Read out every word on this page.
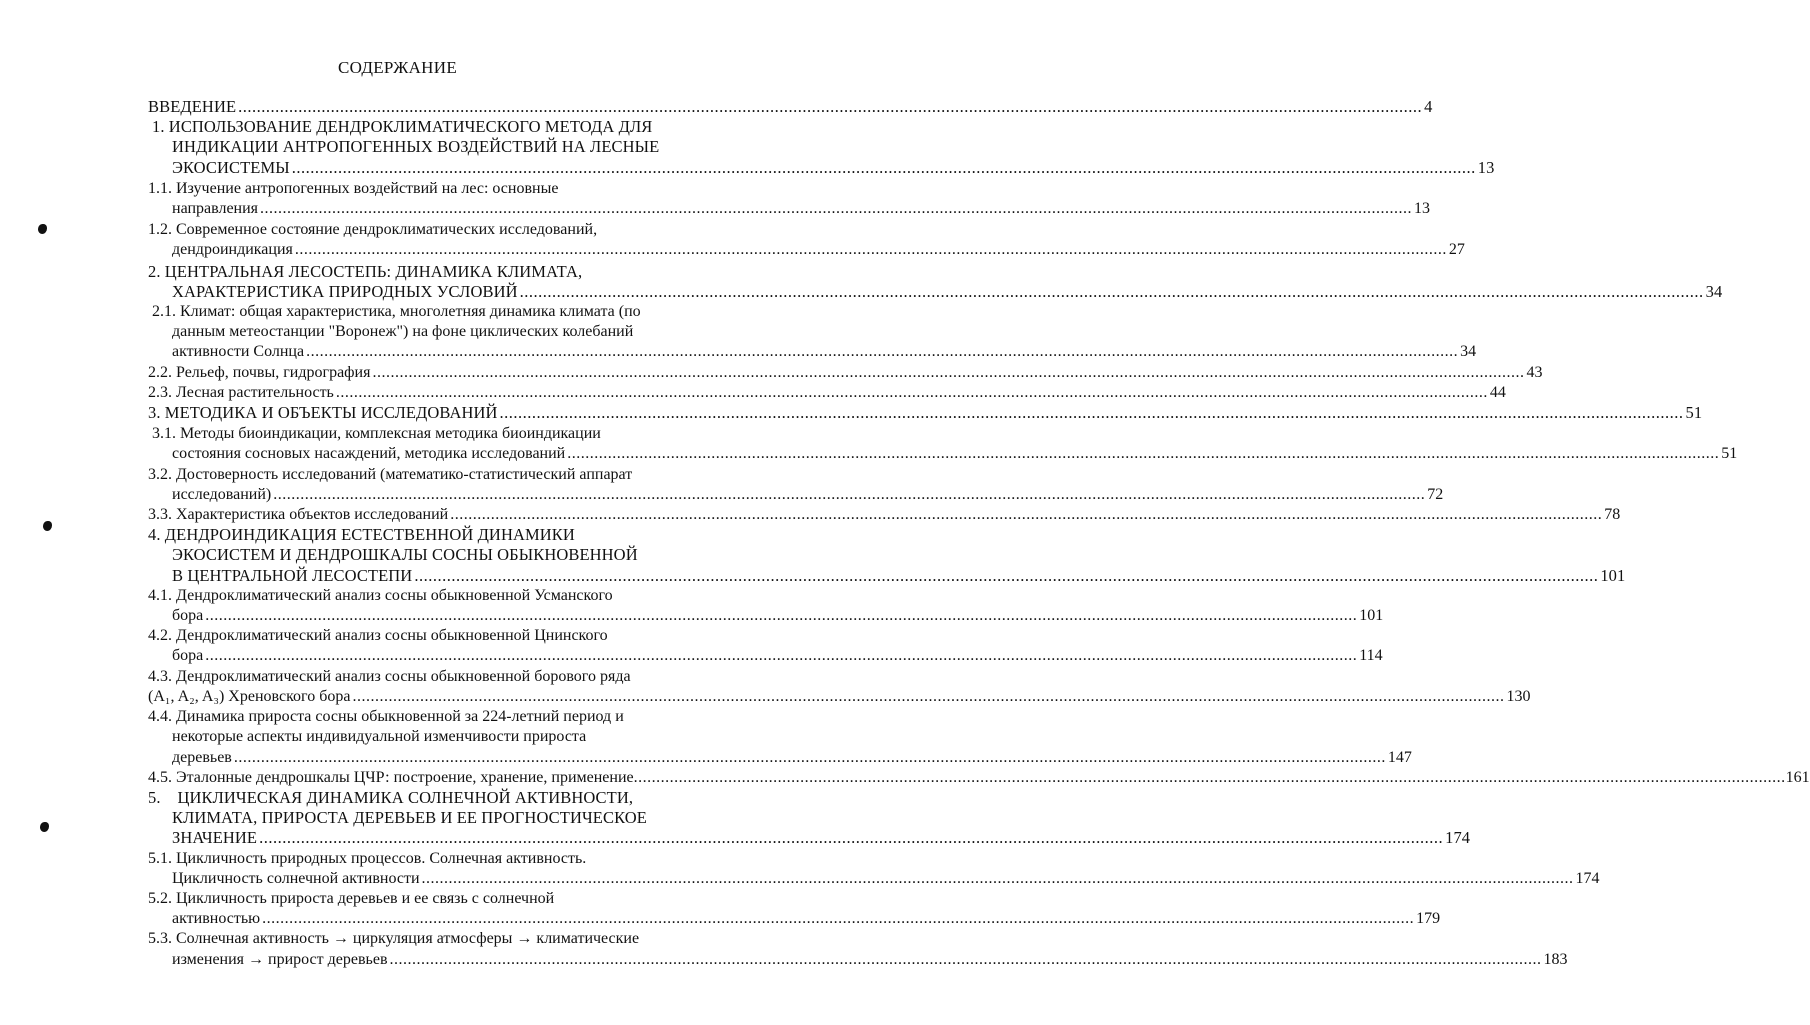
СОДЕРЖАНИЕ
ВВЕДЕНИЕ .....	4
1. ИСПОЛЬЗОВАНИЕ ДЕНДРОКЛИМАТИЧЕСКОГО МЕТОДА ДЛЯ
ИНДИКАЦИИ АНТРОПОГЕННЫХ ВОЗДЕЙСТВИЙ НА ЛЕСНЫЕ
ЭКОСИСТЕМЫ .....	13
1.1. Изучение антропогенных воздействий на лес: основные
направления .....	13
1.2. Современное состояние дендроклиматических исследований,
дендроиндикация .....	27
2. ЦЕНТРАЛЬНАЯ ЛЕСОСТЕПЬ: ДИНАМИКА КЛИМАТА,
ХАРАКТЕРИСТИКА ПРИРОДНЫХ УСЛОВИЙ .....	34
2.1. Климат: общая характеристика, многолетняя динамика климата (по
данным метеостанции "Воронеж") на фоне циклических колебаний
активности Солнца .....	34
2.2. Рельеф, почвы, гидрография .....	43
2.3. Лесная растительность .....	44
3. МЕТОДИКА И ОБЪЕКТЫ ИССЛЕДОВАНИЙ .....	51
3.1. Методы биоиндикации, комплексная методика биоиндикации
состояния сосновых насаждений, методика исследований .....	51
3.2. Достоверность исследований (математико-статистический аппарат
исследований) .....	72
3.3. Характеристика объектов исследований .....	78
4. ДЕНДРОИНДИКАЦИЯ ЕСТЕСТВЕННОЙ ДИНАМИКИ
ЭКОСИСТЕМ И ДЕНДРОШКАЛЫ СОСНЫ ОБЫКНОВЕННОЙ
В ЦЕНТРАЛЬНОЙ ЛЕСОСТЕПИ .....	101
4.1. Дендроклиматический анализ сосны обыкновенной Усманского
бора .....	101
4.2. Дендроклиматический анализ сосны обыкновенной Цнинского
бора .....	114
4.3. Дендроклиматический анализ сосны обыкновенной борового ряда
(A₁, A₂, A₃) Хреновского бора .....	130
4.4. Динамика прироста сосны обыкновенной за 224-летний период и
некоторые аспекты индивидуальной изменчивости прироста
деревьев .....	147
4.5. Эталонные дендрошкалы ЦЧР: построение, хранение, применение .....	161
5.    ЦИКЛИЧЕСКАЯ ДИНАМИКА СОЛНЕЧНОЙ АКТИВНОСТИ,
КЛИМАТА, ПРИРОСТА ДЕРЕВЬЕВ И ЕЕ ПРОГНОСТИЧЕСКОЕ
ЗНАЧЕНИЕ .....	174
5.1. Цикличность природных процессов. Солнечная активность.
Цикличность солнечной активности .....	174
5.2. Цикличность прироста деревьев и ее связь с солнечной
активностью .....	179
5.3. Солнечная активность → циркуляция атмосферы → климатические
изменения → прирост деревьев .....	183
